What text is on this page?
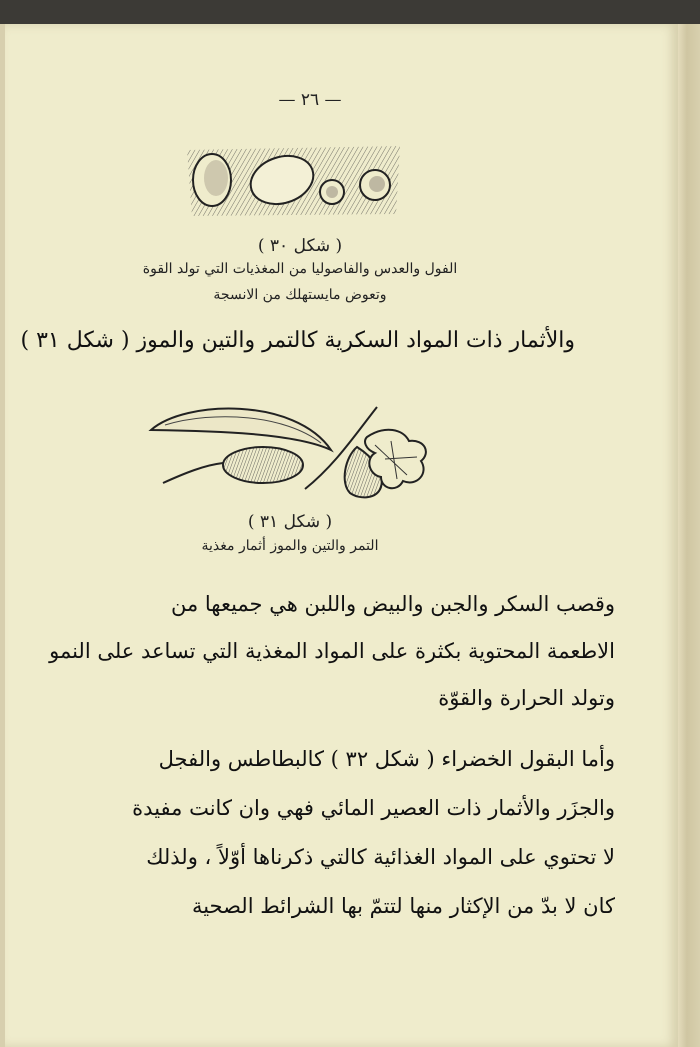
— ٢٦ —
( شكل ٣٠ )
الفول والعدس والفاصوليا من المغذيات التي تولد القوة
وتعوض مايستهلك من الانسجة
والأثمار ذات المواد السكرية كالتمر والتين والموز ( شكل ٣١ )
( شكل ٣١ )
التمر والتين والموز أثمار مغذية
وقصب السكر والجبن والبيض واللبن هي جميعها من
الاطعمة المحتوية بكثرة على المواد المغذية التي تساعد على النمو
وتولد الحرارة والقوّة
وأما البقول الخضراء ( شكل ٣٢ ) كالبطاطس والفجل
والجزَر والأثمار ذات العصير المائي فهي وان كانت مفيدة
لا تحتوي على المواد الغذائية كالتي ذكرناها أوّلاً ، ولذلك
كان لا بدّ من الإكثار منها لتتمّ بها الشرائط الصحية
